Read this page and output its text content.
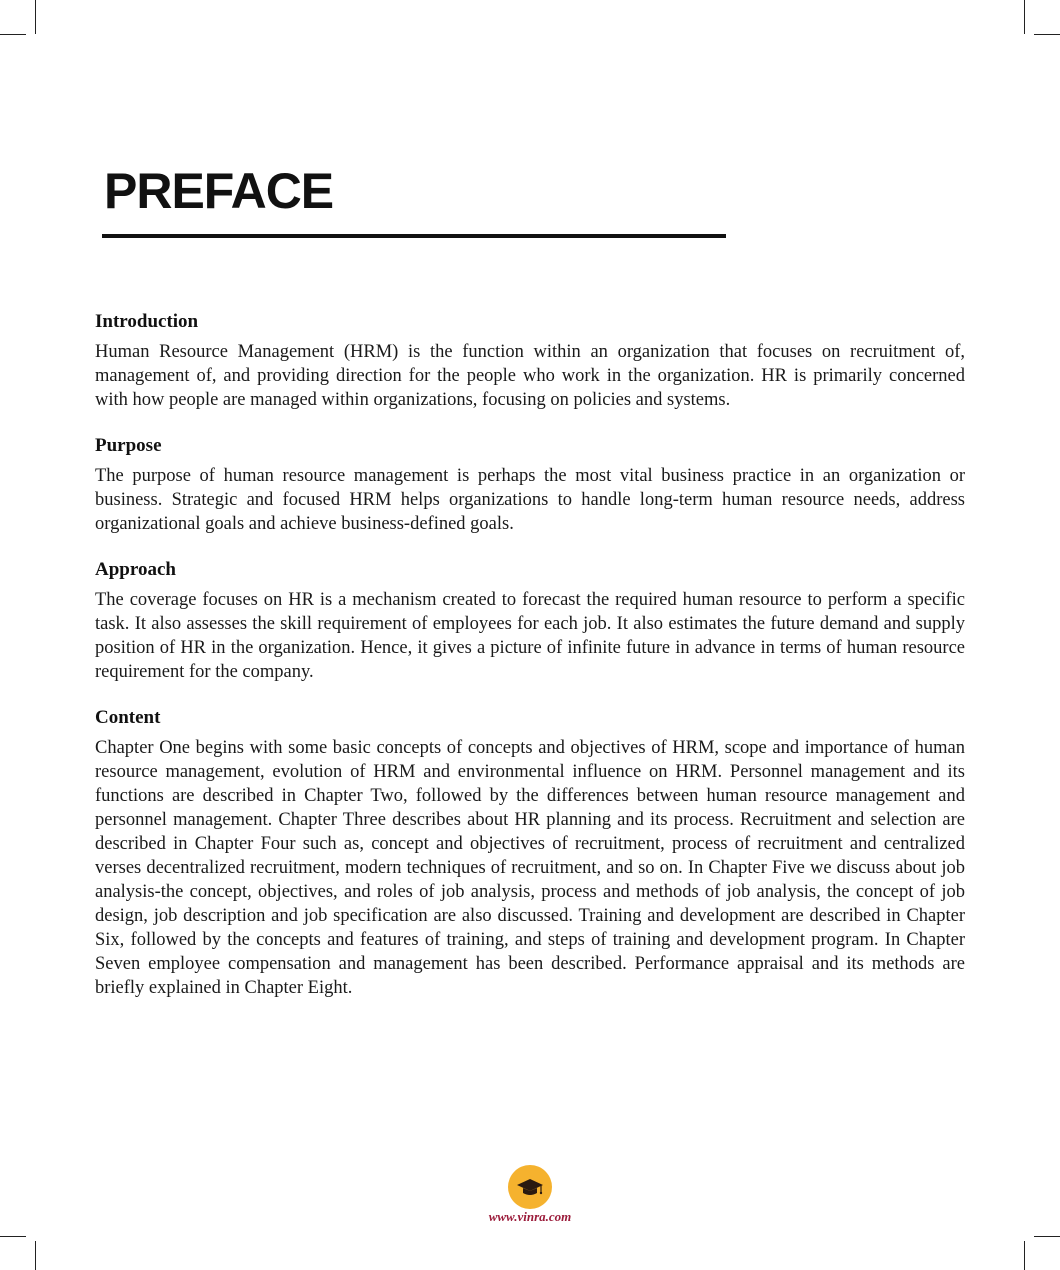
PREFACE
Introduction

Human Resource Management (HRM) is the function within an organization that focuses on recruitment of, management of, and providing direction for the people who work in the organization. HR is primarily concerned with how people are managed within organizations, focusing on policies and systems.

Purpose

The purpose of human resource management is perhaps the most vital business practice in an organization or business. Strategic and focused HRM helps organizations to handle long-term human resource needs, address organizational goals and achieve business-defined goals.

Approach

The coverage focuses on HR is a mechanism created to forecast the required human resource to perform a specific task. It also assesses the skill requirement of employees for each job. It also estimates the future demand and supply position of HR in the organization. Hence, it gives a picture of infinite future in advance in terms of human resource requirement for the company.

Content

Chapter One begins with some basic concepts of concepts and objectives of HRM, scope and importance of human resource management, evolution of HRM and environmental influence on HRM. Personnel management and its functions are described in Chapter Two, followed by the differences between human resource management and personnel management. Chapter Three describes about HR planning and its process. Recruitment and selection are described in Chapter Four such as, concept and objectives of recruitment, process of recruitment and centralized verses decentralized recruitment, modern techniques of recruitment, and so on. In Chapter Five we discuss about job analysis-the concept, objectives, and roles of job analysis, process and methods of job analysis, the concept of job design, job description and job specification are also discussed. Training and development are described in Chapter Six, followed by the concepts and features of training, and steps of training and development program. In Chapter Seven employee compensation and management has been described. Performance appraisal and its methods are briefly explained in Chapter Eight.

www.vinra.com
